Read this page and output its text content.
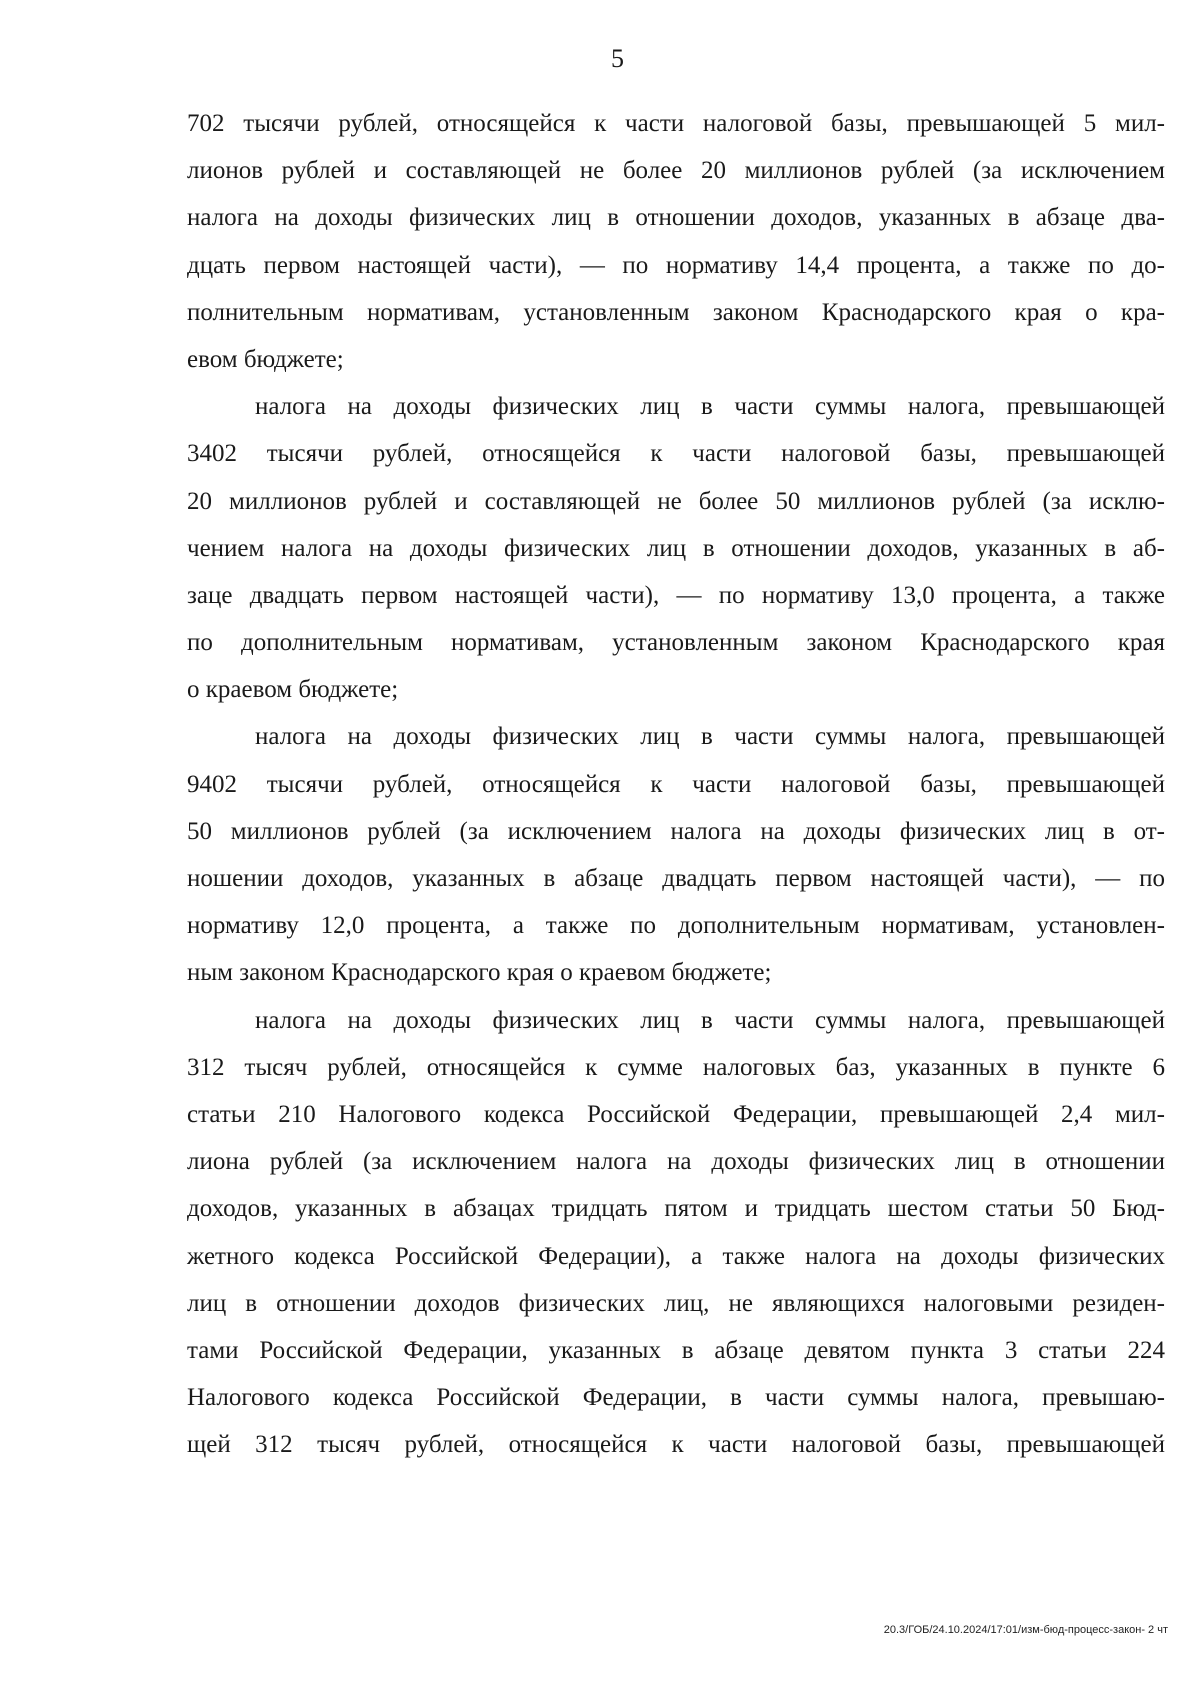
5
702 тысячи рублей, относящейся к части налоговой базы, превышающей 5 мил-
лионов рублей и составляющей не более 20 миллионов рублей (за исключением
налога на доходы физических лиц в отношении доходов, указанных в абзаце два-
дцать первом настоящей части), — по нормативу 14,4 процента, а также по до-
полнительным нормативам, установленным законом Краснодарского края о кра-
евом бюджете;
налога на доходы физических лиц в части суммы налога, превышающей
3402 тысячи рублей, относящейся к части налоговой базы, превышающей
20 миллионов рублей и составляющей не более 50 миллионов рублей (за исклю-
чением налога на доходы физических лиц в отношении доходов, указанных в аб-
заце двадцать первом настоящей части), — по нормативу 13,0 процента, а также
по дополнительным нормативам, установленным законом Краснодарского края
о краевом бюджете;
налога на доходы физических лиц в части суммы налога, превышающей
9402 тысячи рублей, относящейся к части налоговой базы, превышающей
50 миллионов рублей (за исключением налога на доходы физических лиц в от-
ношении доходов, указанных в абзаце двадцать первом настоящей части), — по
нормативу 12,0 процента, а также по дополнительным нормативам, установлен-
ным законом Краснодарского края о краевом бюджете;
налога на доходы физических лиц в части суммы налога, превышающей
312 тысяч рублей, относящейся к сумме налоговых баз, указанных в пункте 6
статьи 210 Налогового кодекса Российской Федерации, превышающей 2,4 мил-
лиона рублей (за исключением налога на доходы физических лиц в отношении
доходов, указанных в абзацах тридцать пятом и тридцать шестом статьи 50 Бюд-
жетного кодекса Российской Федерации), а также налога на доходы физических
лиц в отношении доходов физических лиц, не являющихся налоговыми резиден-
тами Российской Федерации, указанных в абзаце девятом пункта 3 статьи 224
Налогового кодекса Российской Федерации, в части суммы налога, превышаю-
щей 312 тысяч рублей, относящейся к части налоговой базы, превышающей
20.3/ГОБ/24.10.2024/17:01/изм-бюд-процесс-закон- 2 чт
